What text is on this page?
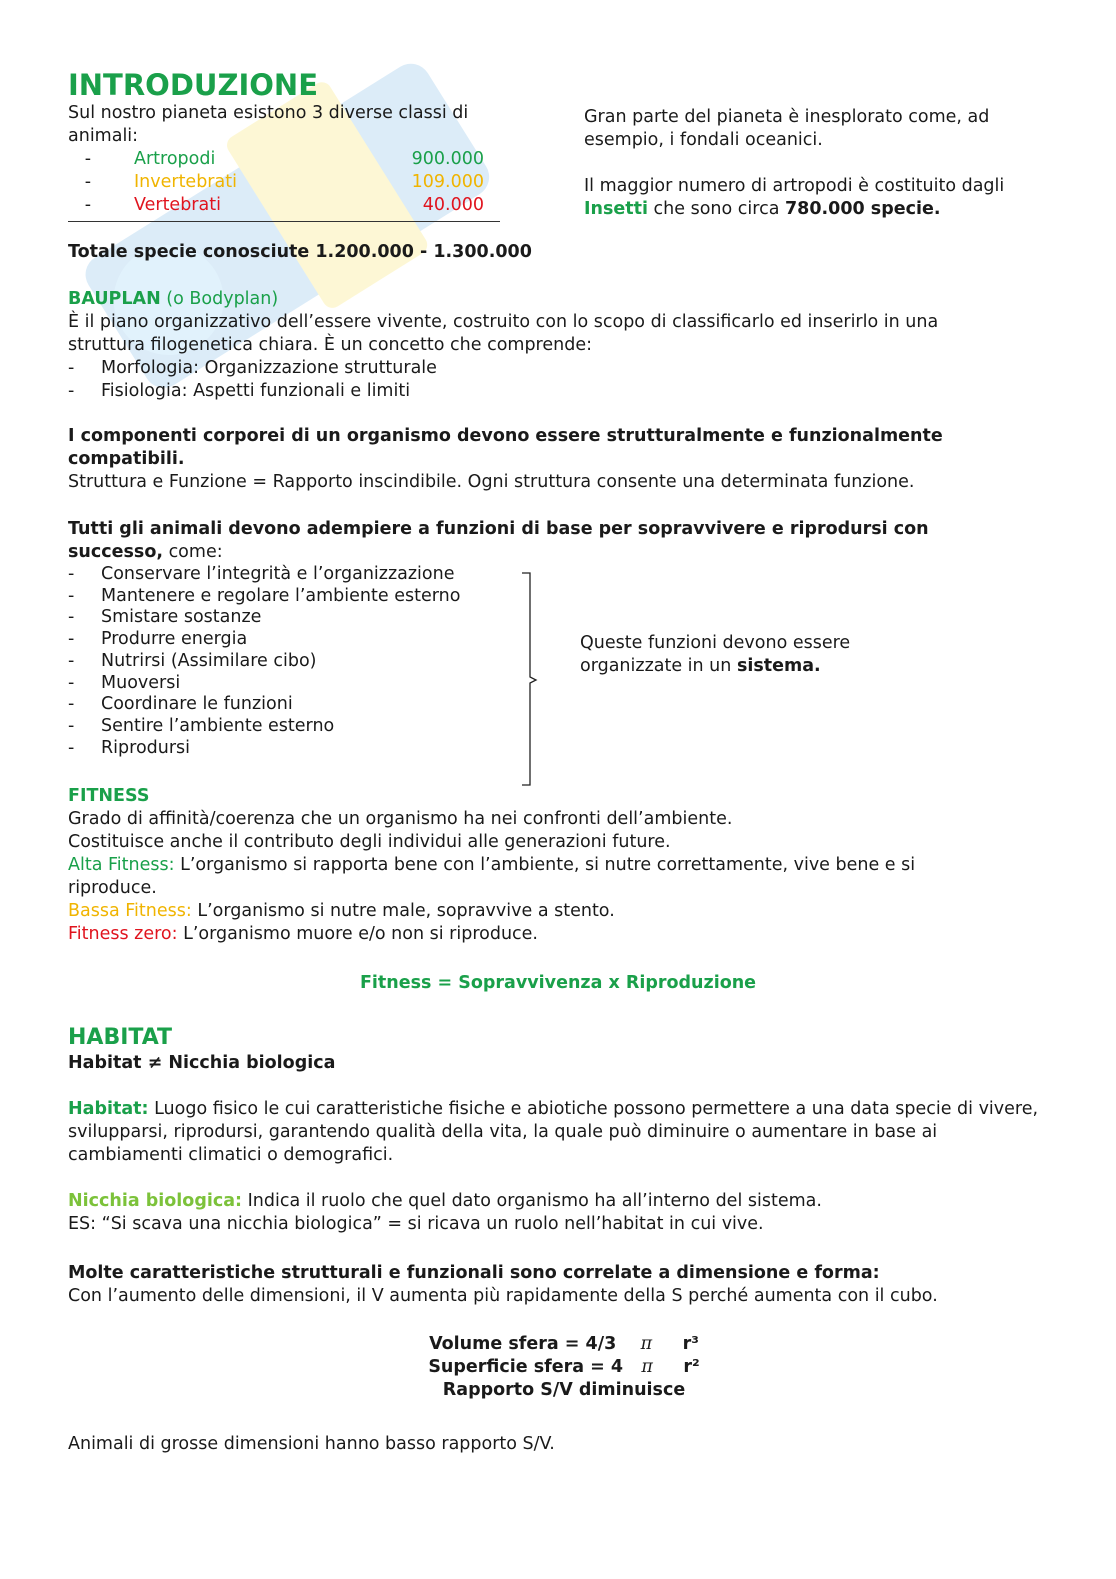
INTRODUZIONE

Sul nostro pianeta esistono 3 diverse classi di animali:

-	Artropodi	900.000
-	Invertebrati	109.000
-	Vertebrati	40.000

Totale specie conosciute 1.200.000 - 1.300.000

Gran parte del pianeta è inesplorato come, ad esempio, i fondali oceanici.

Il maggior numero di artropodi è costituito dagli Insetti che sono circa 780.000 specie.

BAUPLAN (o Bodyplan)

È il piano organizzativo dell’essere vivente, costruito con lo scopo di classificarlo ed inserirlo in una struttura filogenetica chiara. È un concetto che comprende:

- Morfologia: Organizzazione strutturale
- Fisiologia: Aspetti funzionali e limiti

I componenti corporei di un organismo devono essere strutturalmente e funzionalmente compatibili.

Struttura e Funzione = Rapporto inscindibile. Ogni struttura consente una determinata funzione.

Tutti gli animali devono adempiere a funzioni di base per sopravvivere e riprodursi con successo, come:

- Conservare l’integrità e l’organizzazione
- Mantenere e regolare l’ambiente esterno
- Smistare sostanze
- Produrre energia
- Nutrirsi (Assimilare cibo)
- Muoversi
- Coordinare le funzioni
- Sentire l’ambiente esterno
- Riprodursi

Queste funzioni devono essere organizzate in un sistema.

FITNESS

Grado di affinità/coerenza che un organismo ha nei confronti dell’ambiente.

Costituisce anche il contributo degli individui alle generazioni future.

Alta Fitness: L’organismo si rapporta bene con l’ambiente, si nutre correttamente, vive bene e si riproduce.

Bassa Fitness: L’organismo si nutre male, sopravvive a stento.

Fitness zero: L’organismo muore e/o non si riproduce.

Fitness = Sopravvivenza x Riproduzione

HABITAT

Habitat ≠ Nicchia biologica

Habitat: Luogo fisico le cui caratteristiche fisiche e abiotiche possono permettere a una data specie di vivere, svilupparsi, riprodursi, garantendo qualità della vita, la quale può diminuire o aumentare in base ai cambiamenti climatici o demografici.

Nicchia biologica: Indica il ruolo che quel dato organismo ha all’interno del sistema.

ES: “Si scava una nicchia biologica” = si ricava un ruolo nell’habitat in cui vive.

Molte caratteristiche strutturali e funzionali sono correlate a dimensione e forma:

Con l’aumento delle dimensioni, il V aumenta più rapidamente della S perché aumenta con il cubo.

Volume sfera = 4/3 π r³
Superficie sfera = 4 π r²
Rapporto S/V diminuisce

Animali di grosse dimensioni hanno basso rapporto S/V.
